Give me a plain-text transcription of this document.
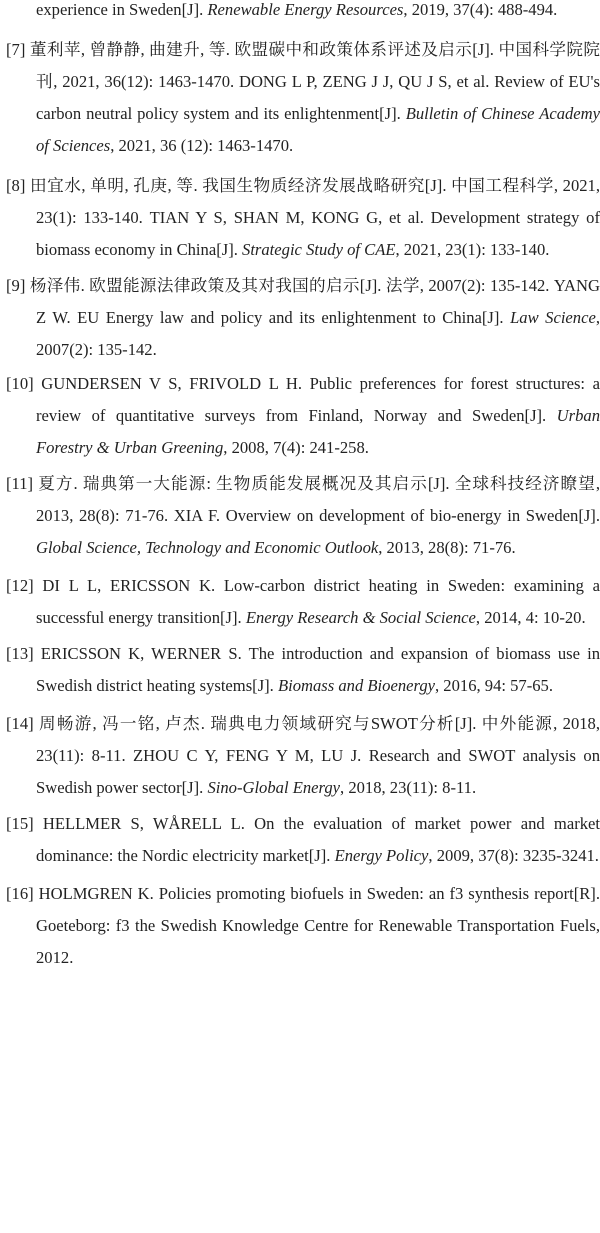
experience in Sweden[J]. Renewable Energy Resources, 2019, 37(4): 488-494.
[7] 董利苹, 曾静静, 曲建升, 等. 欧盟碳中和政策体系评述及启示[J]. 中国科学院院刊, 2021, 36(12): 1463-1470. DONG L P, ZENG J J, QU J S, et al. Review of EU's carbon neutral policy system and its enlightenment[J]. Bulletin of Chinese Academy of Sciences, 2021, 36 (12): 1463-1470.
[8] 田宜水, 单明, 孔庚, 等. 我国生物质经济发展战略研究[J]. 中国工程科学, 2021, 23(1): 133-140. TIAN Y S, SHAN M, KONG G, et al. Development strategy of biomass economy in China[J]. Strategic Study of CAE, 2021, 23(1): 133-140.
[9] 杨泽伟. 欧盟能源法律政策及其对我国的启示[J]. 法学, 2007(2): 135-142. YANG Z W. EU Energy law and policy and its enlightenment to China[J]. Law Science, 2007(2): 135-142.
[10] GUNDERSEN V S, FRIVOLD L H. Public preferences for forest structures: a review of quantitative surveys from Finland, Norway and Sweden[J]. Urban Forestry & Urban Greening, 2008, 7(4): 241-258.
[11] 夏方. 瑞典第一大能源: 生物质能发展概况及其启示[J]. 全球科技经济瞭望, 2013, 28(8): 71-76. XIA F. Overview on development of bio-energy in Sweden[J]. Global Science, Technology and Economic Outlook, 2013, 28(8): 71-76.
[12] DI L L, ERICSSON K. Low-carbon district heating in Sweden: examining a successful energy transition[J]. Energy Research & Social Science, 2014, 4: 10-20.
[13] ERICSSON K, WERNER S. The introduction and expansion of biomass use in Swedish district heating systems[J]. Biomass and Bioenergy, 2016, 94: 57-65.
[14] 周畅游, 冯一铭, 卢杰. 瑞典电力领域研究与SWOT分析[J]. 中外能源, 2018, 23(11): 8-11. ZHOU C Y, FENG Y M, LU J. Research and SWOT analysis on Swedish power sector[J]. Sino-Global Energy, 2018, 23(11): 8-11.
[15] HELLMER S, WÅRELL L. On the evaluation of market power and market dominance: the Nordic electricity market[J]. Energy Policy, 2009, 37(8): 3235-3241.
[16] HOLMGREN K. Policies promoting biofuels in Sweden: an f3 synthesis report[R]. Goeteborg: f3 the Swedish Knowledge Centre for Renewable Transportation Fuels, 2012.
